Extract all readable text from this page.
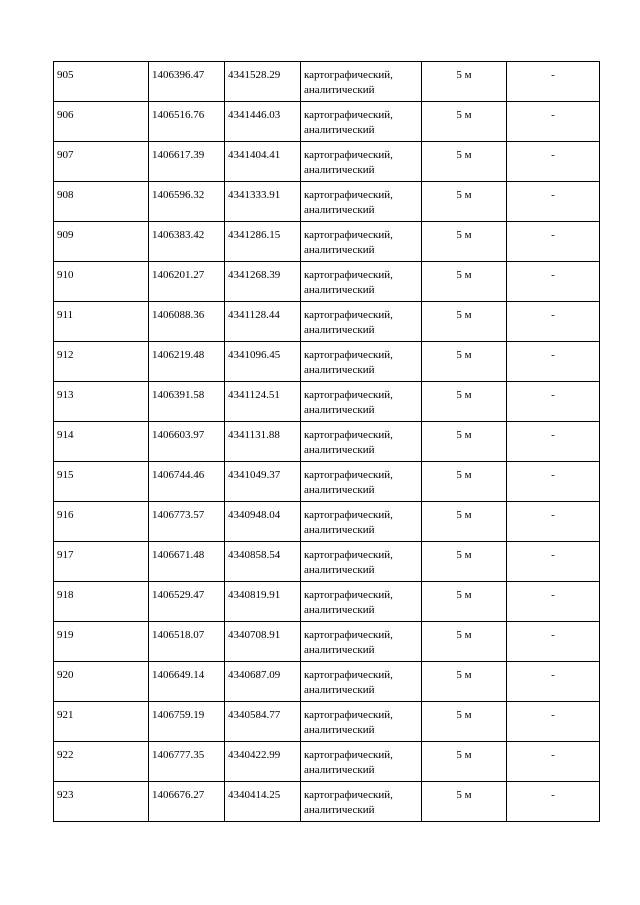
905	1406396.47	4341528.29	картографический,
аналитический	5 м	-

906	1406516.76	4341446.03	картографический,
аналитический	5 м	-

907	1406617.39	4341404.41	картографический,
аналитический	5 м	-

908	1406596.32	4341333.91	картографический,
аналитический	5 м	-

909	1406383.42	4341286.15	картографический,
аналитический	5 м	-

910	1406201.27	4341268.39	картографический,
аналитический	5 м	-

911	1406088.36	4341128.44	картографический,
аналитический	5 м	-

912	1406219.48	4341096.45	картографический,
аналитический	5 м	-

913	1406391.58	4341124.51	картографический,
аналитический	5 м	-

914	1406603.97	4341131.88	картографический,
аналитический	5 м	-

915	1406744.46	4341049.37	картографический,
аналитический	5 м	-

916	1406773.57	4340948.04	картографический,
аналитический	5 м	-

917	1406671.48	4340858.54	картографический,
аналитический	5 м	-

918	1406529.47	4340819.91	картографический,
аналитический	5 м	-

919	1406518.07	4340708.91	картографический,
аналитический	5 м	-

920	1406649.14	4340687.09	картографический,
аналитический	5 м	-

921	1406759.19	4340584.77	картографический,
аналитический	5 м	-

922	1406777.35	4340422.99	картографический,
аналитический	5 м	-

923	1406676.27	4340414.25	картографический,
аналитический	5 м	-
